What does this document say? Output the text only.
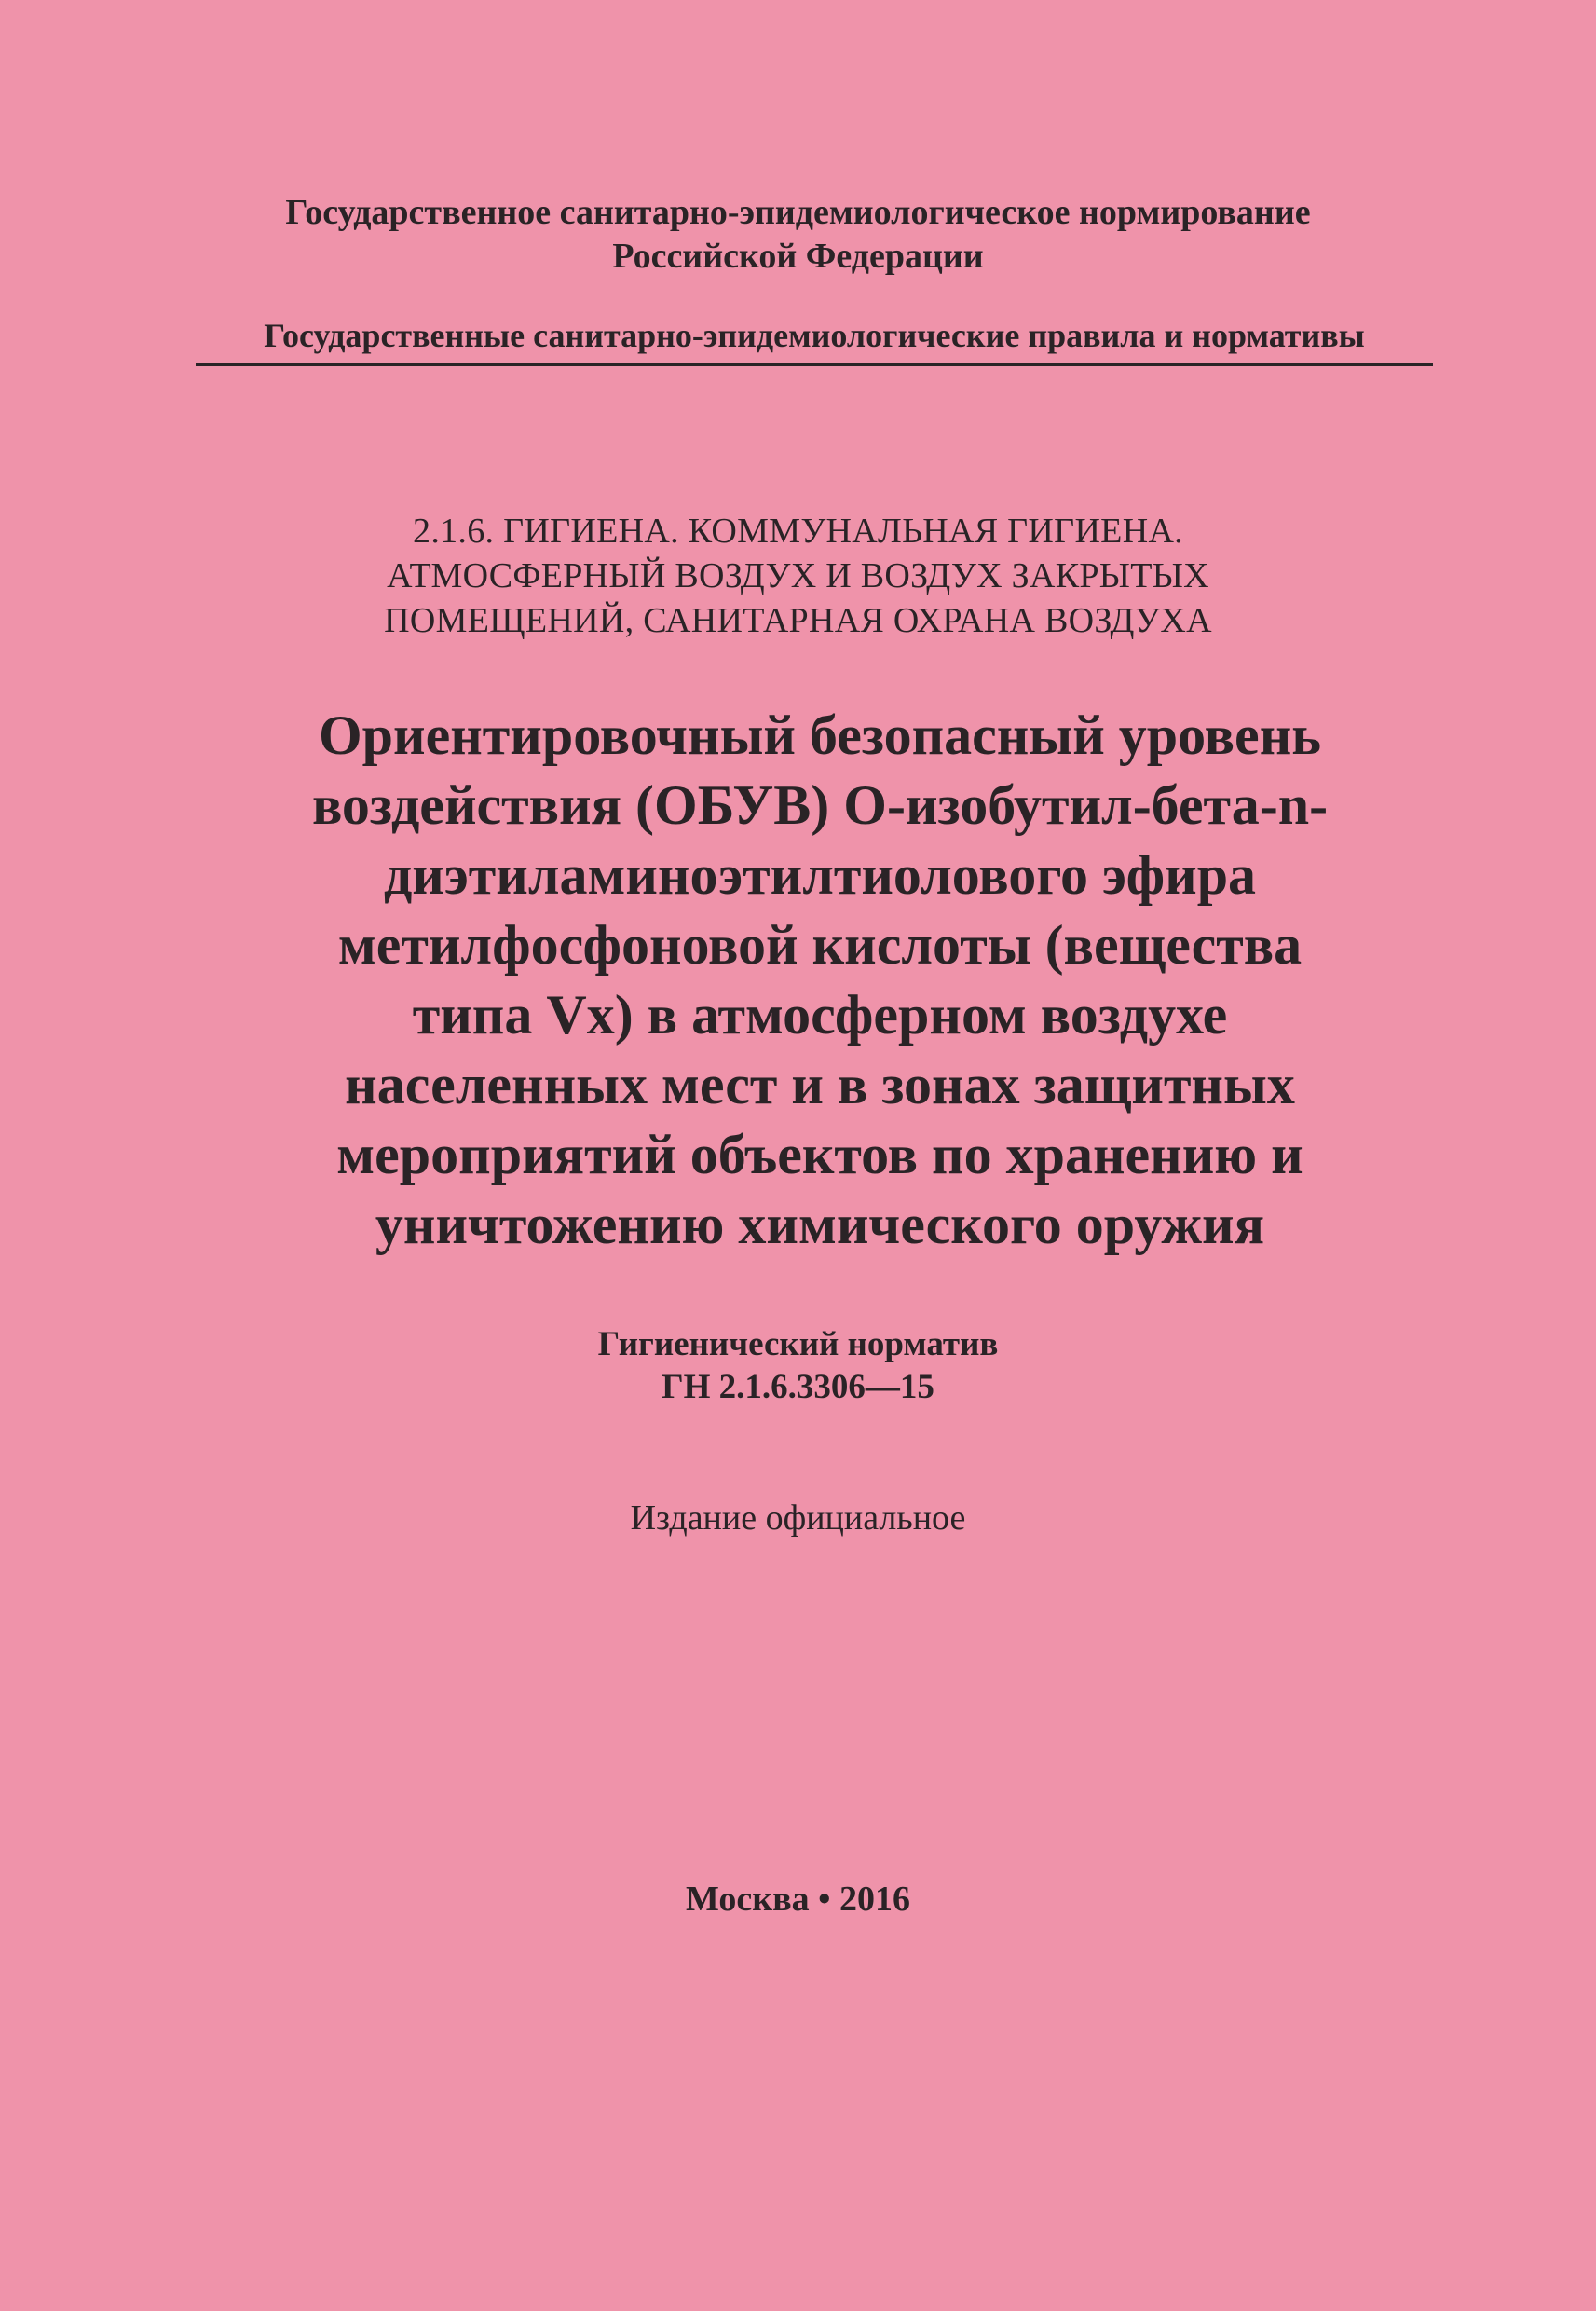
Государственное санитарно-эпидемиологическое нормирование
Российской Федерации
Государственные санитарно-эпидемиологические правила и нормативы
2.1.6. ГИГИЕНА. КОММУНАЛЬНАЯ ГИГИЕНА.
АТМОСФЕРНЫЙ ВОЗДУХ И ВОЗДУХ ЗАКРЫТЫХ
ПОМЕЩЕНИЙ, САНИТАРНАЯ ОХРАНА ВОЗДУХА
Ориентировочный безопасный уровень
воздействия (ОБУВ) О-изобутил-бета-n-
диэтиламиноэтилтиолового эфира
метилфосфоновой кислоты (вещества
типа Vx) в атмосферном воздухе
населенных мест и в зонах защитных
мероприятий объектов по хранению и
уничтожению химического оружия
Гигиенический норматив
ГН 2.1.6.3306—15
Издание официальное
Москва • 2016
